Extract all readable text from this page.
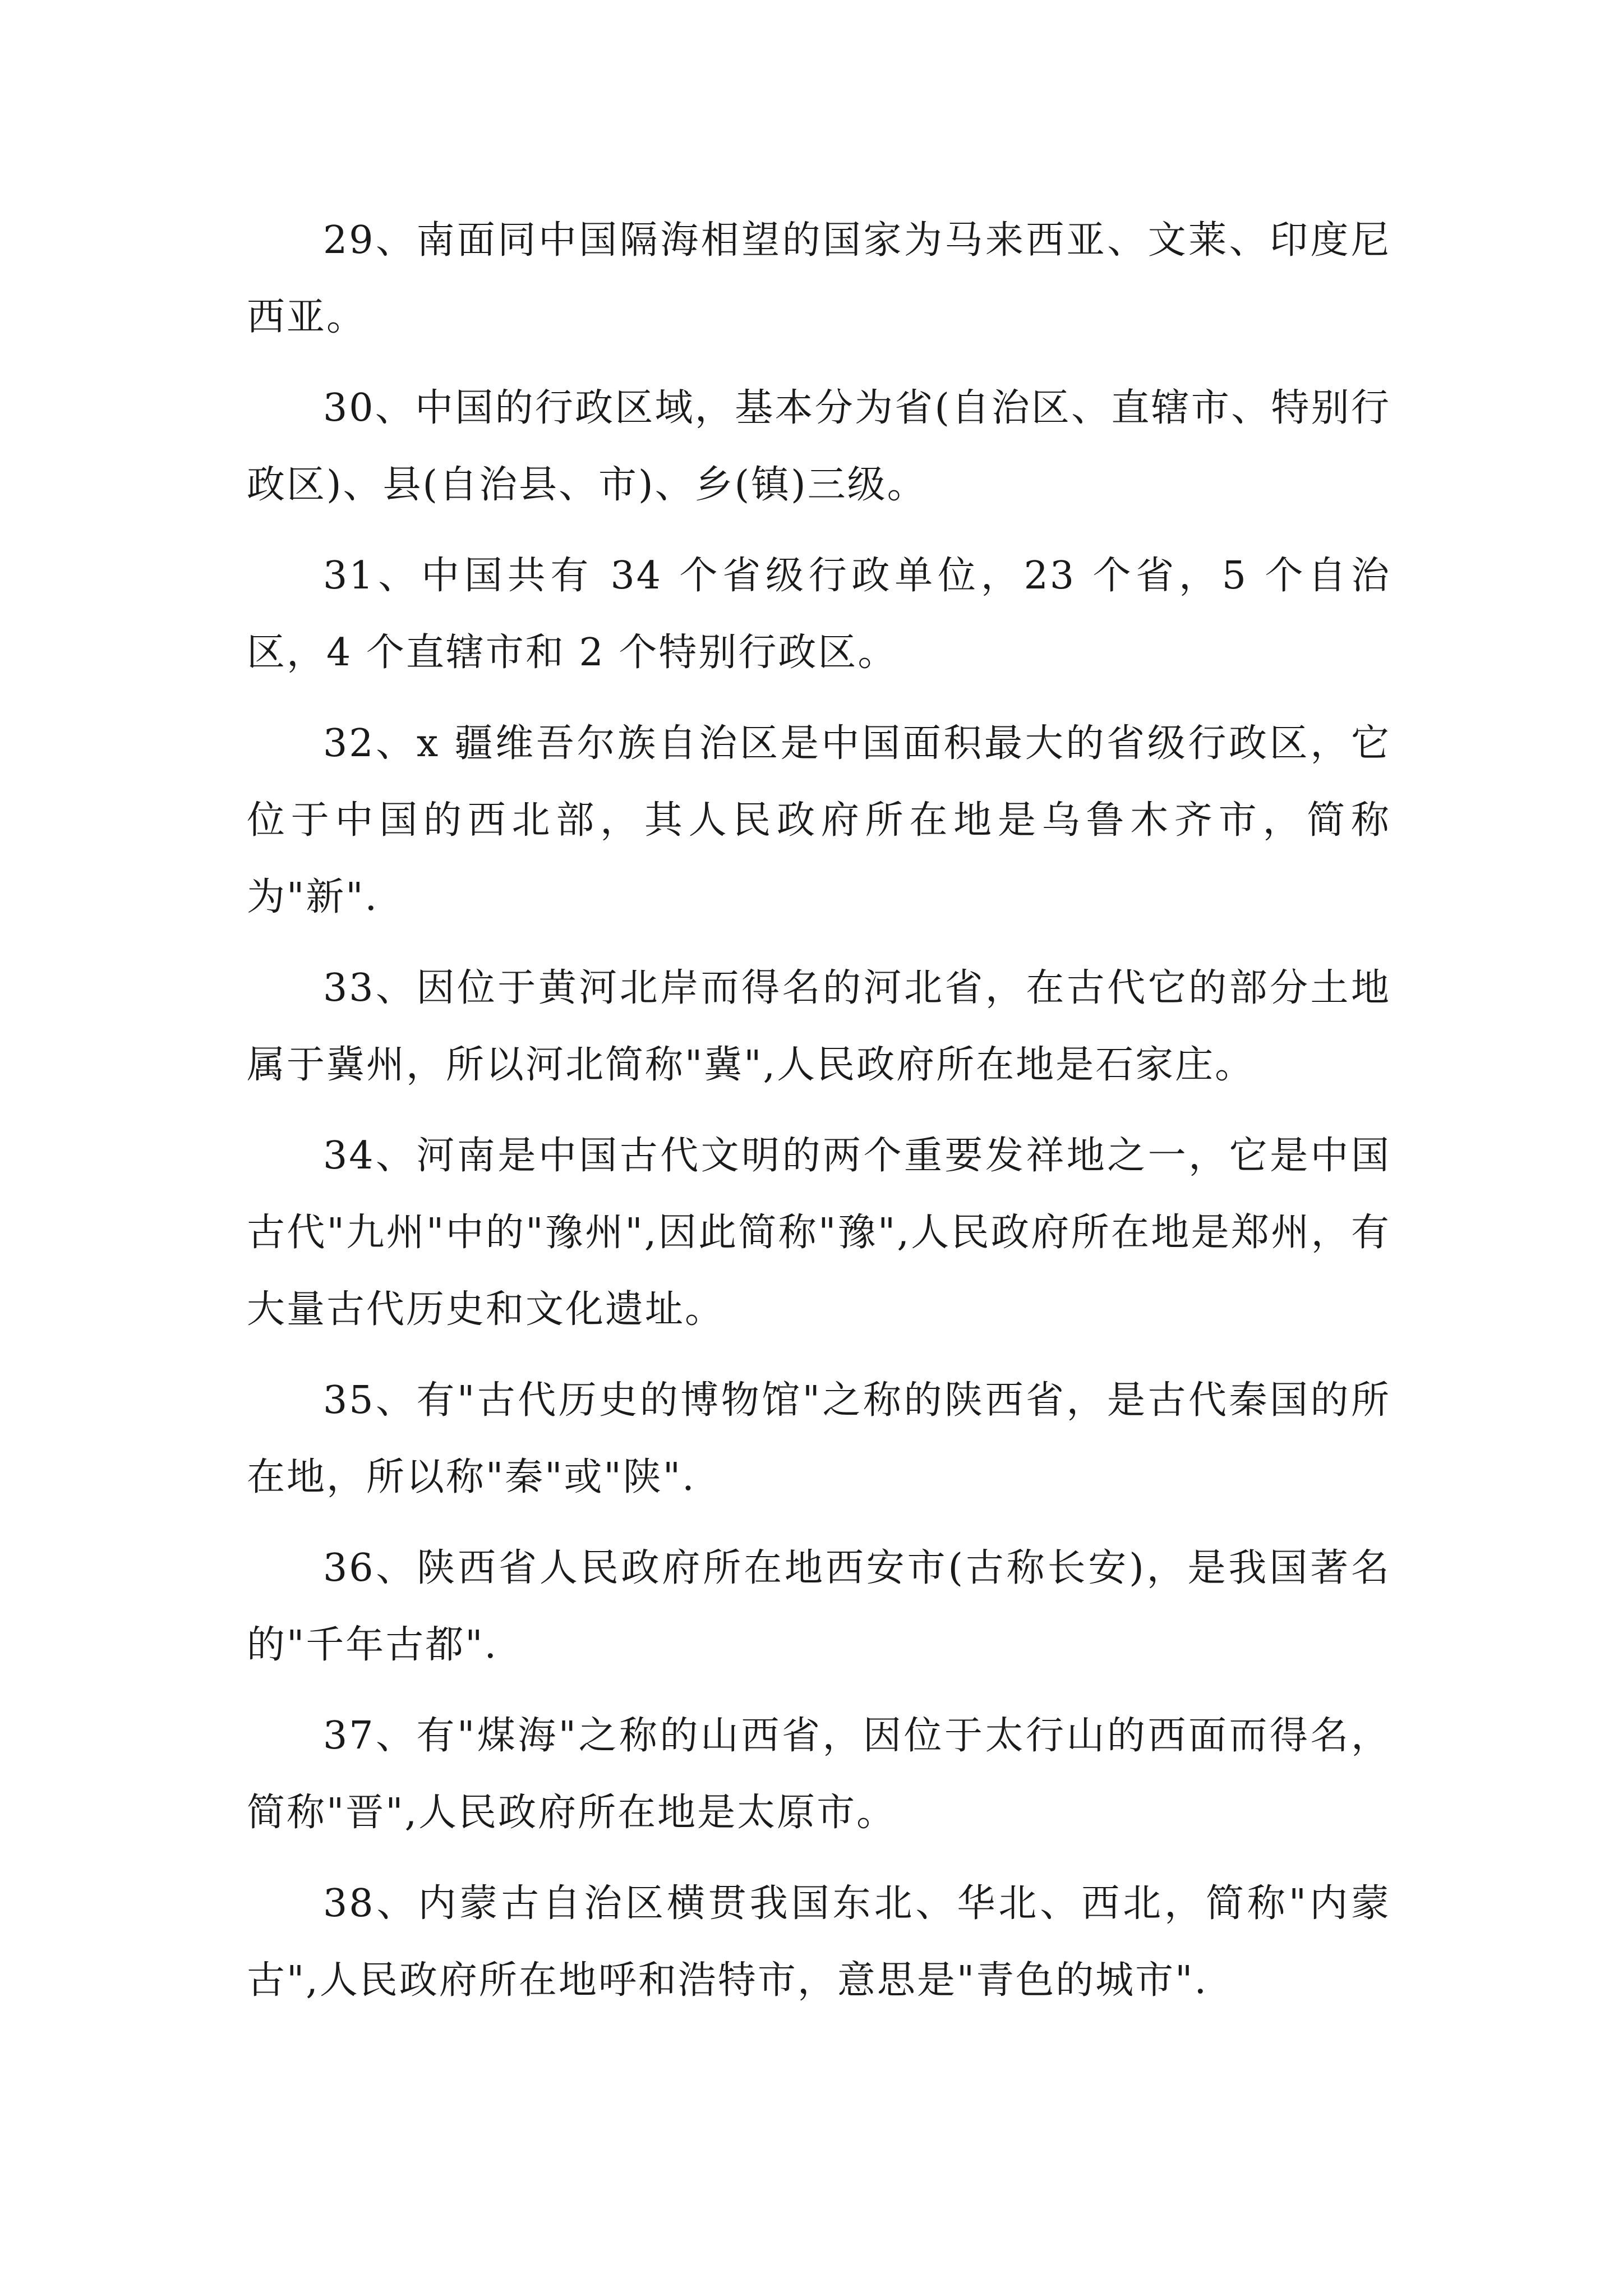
29、南面同中国隔海相望的国家为马来西亚、文莱、印度尼西亚。

30、中国的行政区域，基本分为省(自治区、直辖市、特别行政区)、县(自治县、市)、乡(镇)三级。

31、中国共有 34 个省级行政单位，23 个省，5 个自治区，4 个直辖市和 2 个特别行政区。

32、x 疆维吾尔族自治区是中国面积最大的省级行政区，它位于中国的西北部，其人民政府所在地是乌鲁木齐市，简称为"新".

33、因位于黄河北岸而得名的河北省，在古代它的部分土地属于冀州，所以河北简称"冀",人民政府所在地是石家庄。

34、河南是中国古代文明的两个重要发祥地之一，它是中国古代"九州"中的"豫州",因此简称"豫",人民政府所在地是郑州，有大量古代历史和文化遗址。

35、有"古代历史的博物馆"之称的陕西省，是古代秦国的所在地，所以称"秦"或"陕".

36、陕西省人民政府所在地西安市(古称长安)，是我国著名的"千年古都".

37、有"煤海"之称的山西省，因位于太行山的西面而得名，简称"晋",人民政府所在地是太原市。

38、内蒙古自治区横贯我国东北、华北、西北，简称"内蒙古",人民政府所在地呼和浩特市，意思是"青色的城市".
